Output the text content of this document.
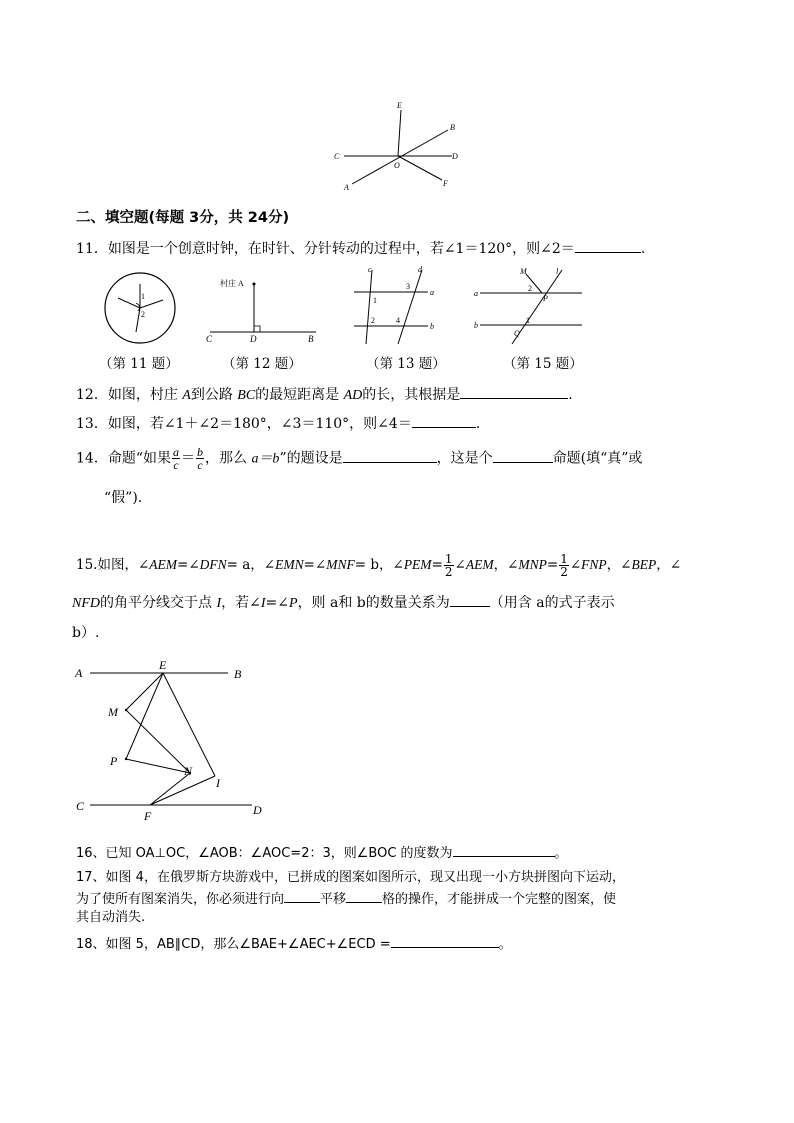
E
B
C	D
O
A	F
二、填空题(每题 3分，共 24分)
11．如图是一个创意时钟，在时针、分针转动的过程中，若∠1＝120°，则∠2＝	.
1
2
（第 11 题）
村庄 A
C	D	B
（第 12 题）
c	d
a
b
1
2
3
4
（第 13 题）
M	l
a
b
2
P
Q
1
（第 15 题）
12．如图，村庄 A到公路 BC的最短距离是 AD的长，其根据是	.
13．如图，若∠1＋∠2＝180°，∠3＝110°，则∠4＝	.
14．命题“如果 $\frac{a}{c} = \frac{b}{c}$ ，那么 a＝b”的题设是	，这是个	命题(填“真”或
“假”).
15.如图，∠AEM=∠DFN= a，∠EMN=∠MNF= b，∠PEM= $\frac{1}{2}$ ∠AEM，∠MNP= $\frac{1}{2}$ ∠FNP，∠BEP，∠
NFD的角平分线交于点 I，若∠I=∠P，则 a和 b的数量关系为	（用含 a的式子表示
b）.
A
E
B
M
P
N
I
C
F	D
16、已知 OA⊥OC，∠AOB：∠AOC=2：3，则∠BOC 的度数为	。
17、如图 4，在俄罗斯方块游戏中，已拼成的图案如图所示，现又出现一小方块拼图向下运动，
为了使所有图案消失，你必须进行向	平移	格的操作，才能拼成一个完整的图案，使
其自动消失.
18、如图 5，AB∥CD，那么∠BAE+∠AEC+∠ECD =	。
